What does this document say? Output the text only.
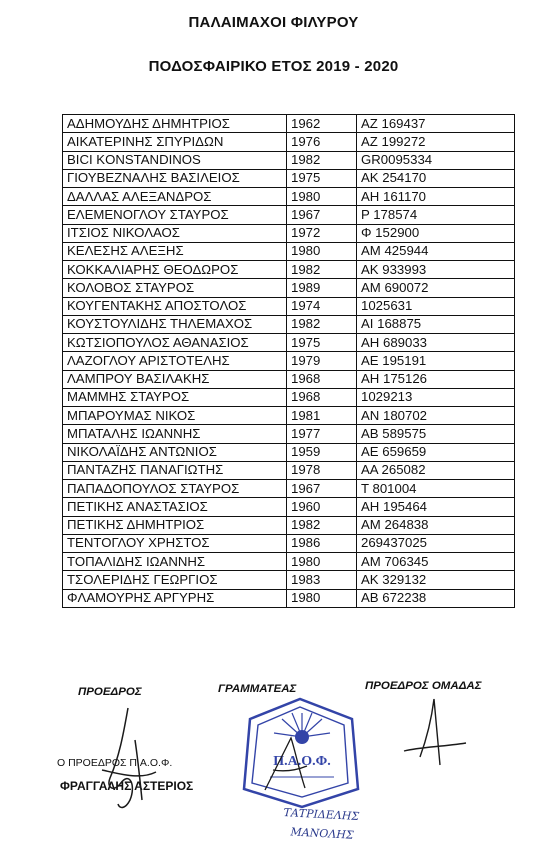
ΠΑΛΑΙΜΑΧΟΙ ΦΙΛΥΡΟΥ
ΠΟΔΟΣΦΑΙΡΙΚΟ ΕΤΟΣ 2019 - 2020
ΑΔΗΜΟΥΔΗΣ ΔΗΜΗΤΡΙΟΣ	1962	ΑΖ 169437
ΑΙΚΑΤΕΡΙΝΗΣ ΣΠΥΡΙΔΩΝ	1976	ΑΖ 199272
BICI KONSTANDINOS	1982	GR0095334
ΓΙΟΥΒΕΖΝΑΛΗΣ ΒΑΣΙΛΕΙΟΣ	1975	ΑΚ 254170
ΔΑΛΛΑΣ ΑΛΕΞΑΝΔΡΟΣ	1980	ΑΗ 161170
ΕΛΕΜΕΝΟΓΛΟΥ ΣΤΑΥΡΟΣ	1967	Ρ 178574
ΙΤΣΙΟΣ ΝΙΚΟΛΑΟΣ	1972	Φ 152900
ΚΕΛΕΣΗΣ ΑΛΕΞΗΣ	1980	ΑΜ 425944
ΚΟΚΚΑΛΙΑΡΗΣ ΘΕΟΔΩΡΟΣ	1982	ΑΚ 933993
ΚΟΛΟΒΟΣ ΣΤΑΥΡΟΣ	1989	ΑΜ 690072
ΚΟΥΓΕΝΤΑΚΗΣ ΑΠΟΣΤΟΛΟΣ	1974	1025631
ΚΟΥΣΤΟΥΛΙΔΗΣ ΤΗΛΕΜΑΧΟΣ	1982	ΑΙ 168875
ΚΩΤΣΙΟΠΟΥΛΟΣ ΑΘΑΝΑΣΙΟΣ	1975	ΑΗ 689033
ΛΑΖΟΓΛΟΥ ΑΡΙΣΤΟΤΕΛΗΣ	1979	ΑΕ 195191
ΛΑΜΠΡΟΥ ΒΑΣΙΛΑΚΗΣ	1968	ΑΗ 175126
ΜΑΜΜΗΣ ΣΤΑΥΡΟΣ	1968	1029213
ΜΠΑΡΟΥΜΑΣ ΝΙΚΟΣ	1981	ΑΝ 180702
ΜΠΑΤΑΛΗΣ ΙΩΑΝΝΗΣ	1977	ΑΒ 589575
ΝΙΚΟΛΑΪΔΗΣ ΑΝΤΩΝΙΟΣ	1959	ΑΕ 659659
ΠΑΝΤΑΖΗΣ ΠΑΝΑΓΙΩΤΗΣ	1978	ΑΑ 265082
ΠΑΠΑΔΟΠΟΥΛΟΣ ΣΤΑΥΡΟΣ	1967	Τ 801004
ΠΕΤΙΚΗΣ ΑΝΑΣΤΑΣΙΟΣ	1960	ΑΗ 195464
ΠΕΤΙΚΗΣ ΔΗΜΗΤΡΙΟΣ	1982	ΑΜ 264838
ΤΕΝΤΟΓΛΟΥ ΧΡΗΣΤΟΣ	1986	269437025
ΤΟΠΑΛΙΔΗΣ ΙΩΑΝΝΗΣ	1980	ΑΜ 706345
ΤΣΟΛΕΡΙΔΗΣ ΓΕΩΡΓΙΟΣ	1983	ΑΚ 329132
ΦΛΑΜΟΥΡΗΣ ΑΡΓΥΡΗΣ	1980	ΑΒ 672238
ΠΡΟΕΔΡΟΣ	ΓΡΑΜΜΑΤΕΑΣ	ΠΡΟΕΔΡΟΣ ΟΜΑΔΑΣ
Ο ΠΡΟΕΔΡΟΣ Π.Α.Ο.Φ.
ΦΡΑΓΓΑΛΗΣ ΑΣΤΕΡΙΟΣ
Π.Α.Ο.Φ.
ΤΑΤΡΙΔΕΛΗΣ
ΜΑΝΟΛΗΣ
